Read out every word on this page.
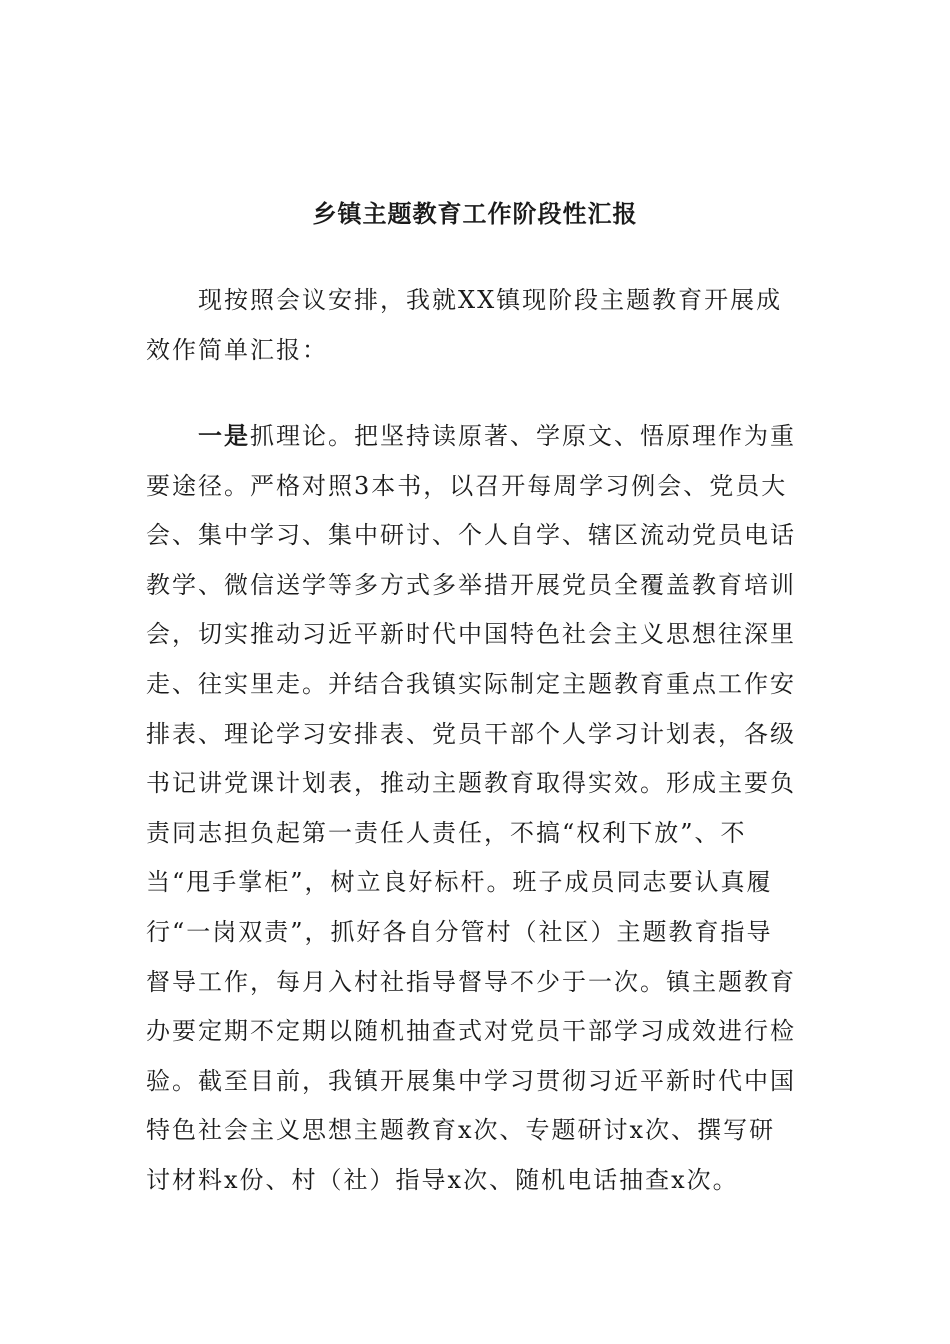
乡镇主题教育工作阶段性汇报

现按照会议安排，我就XX镇现阶段主题教育开展成效作简单汇报：

一是抓理论。把坚持读原著、学原文、悟原理作为重要途径。严格对照3本书，以召开每周学习例会、党员大会、集中学习、集中研讨、个人自学、辖区流动党员电话教学、微信送学等多方式多举措开展党员全覆盖教育培训会，切实推动习近平新时代中国特色社会主义思想往深里走、往实里走。并结合我镇实际制定主题教育重点工作安排表、理论学习安排表、党员干部个人学习计划表，各级书记讲党课计划表，推动主题教育取得实效。形成主要负责同志担负起第一责任人责任，不搞“权利下放”、不当“甩手掌柜”，树立良好标杆。班子成员同志要认真履行“一岗双责”，抓好各自分管村（社区）主题教育指导督导工作，每月入村社指导督导不少于一次。镇主题教育办要定期不定期以随机抽查式对党员干部学习成效进行检验。截至目前，我镇开展集中学习贯彻习近平新时代中国特色社会主义思想主题教育x次、专题研讨x次、撰写研讨材料x份、村（社）指导x次、随机电话抽查x次。
